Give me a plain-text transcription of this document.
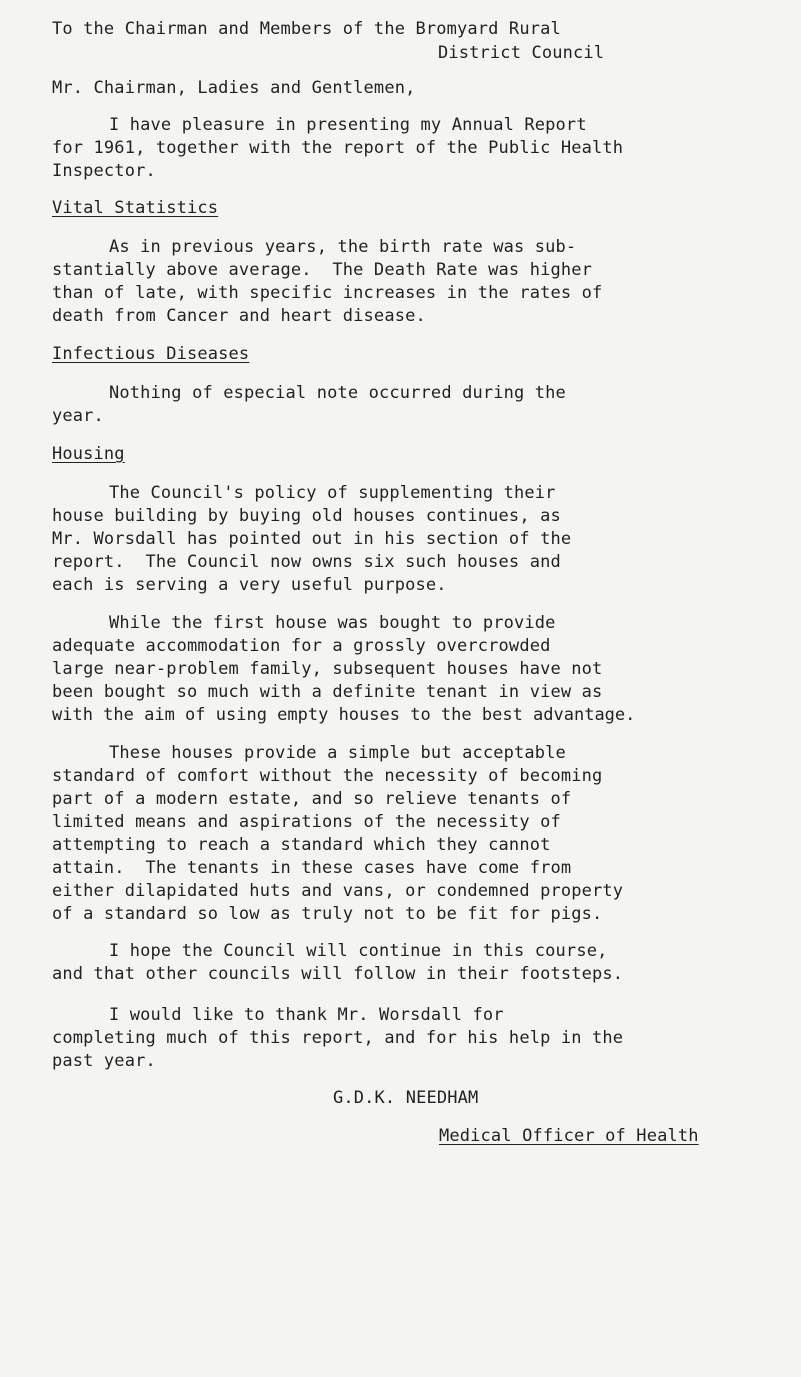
To the Chairman and Members of the Bromyard Rural
District Council
Mr. Chairman, Ladies and Gentlemen,
I have pleasure in presenting my Annual Report
for 1961, together with the report of the Public Health
Inspector.
Vital Statistics
As in previous years, the birth rate was sub-
stantially above average.  The Death Rate was higher
than of late, with specific increases in the rates of
death from Cancer and heart disease.
Infectious Diseases
Nothing of especial note occurred during the
year.
Housing
The Council's policy of supplementing their
house building by buying old houses continues, as
Mr. Worsdall has pointed out in his section of the
report.  The Council now owns six such houses and
each is serving a very useful purpose.
While the first house was bought to provide
adequate accommodation for a grossly overcrowded
large near-problem family, subsequent houses have not
been bought so much with a definite tenant in view as
with the aim of using empty houses to the best advantage.
These houses provide a simple but acceptable
standard of comfort without the necessity of becoming
part of a modern estate, and so relieve tenants of
limited means and aspirations of the necessity of
attempting to reach a standard which they cannot
attain.  The tenants in these cases have come from
either dilapidated huts and vans, or condemned property
of a standard so low as truly not to be fit for pigs.
I hope the Council will continue in this course,
and that other councils will follow in their footsteps.
I would like to thank Mr. Worsdall for
completing much of this report, and for his help in the
past year.
G.D.K. NEEDHAM
Medical Officer of Health
